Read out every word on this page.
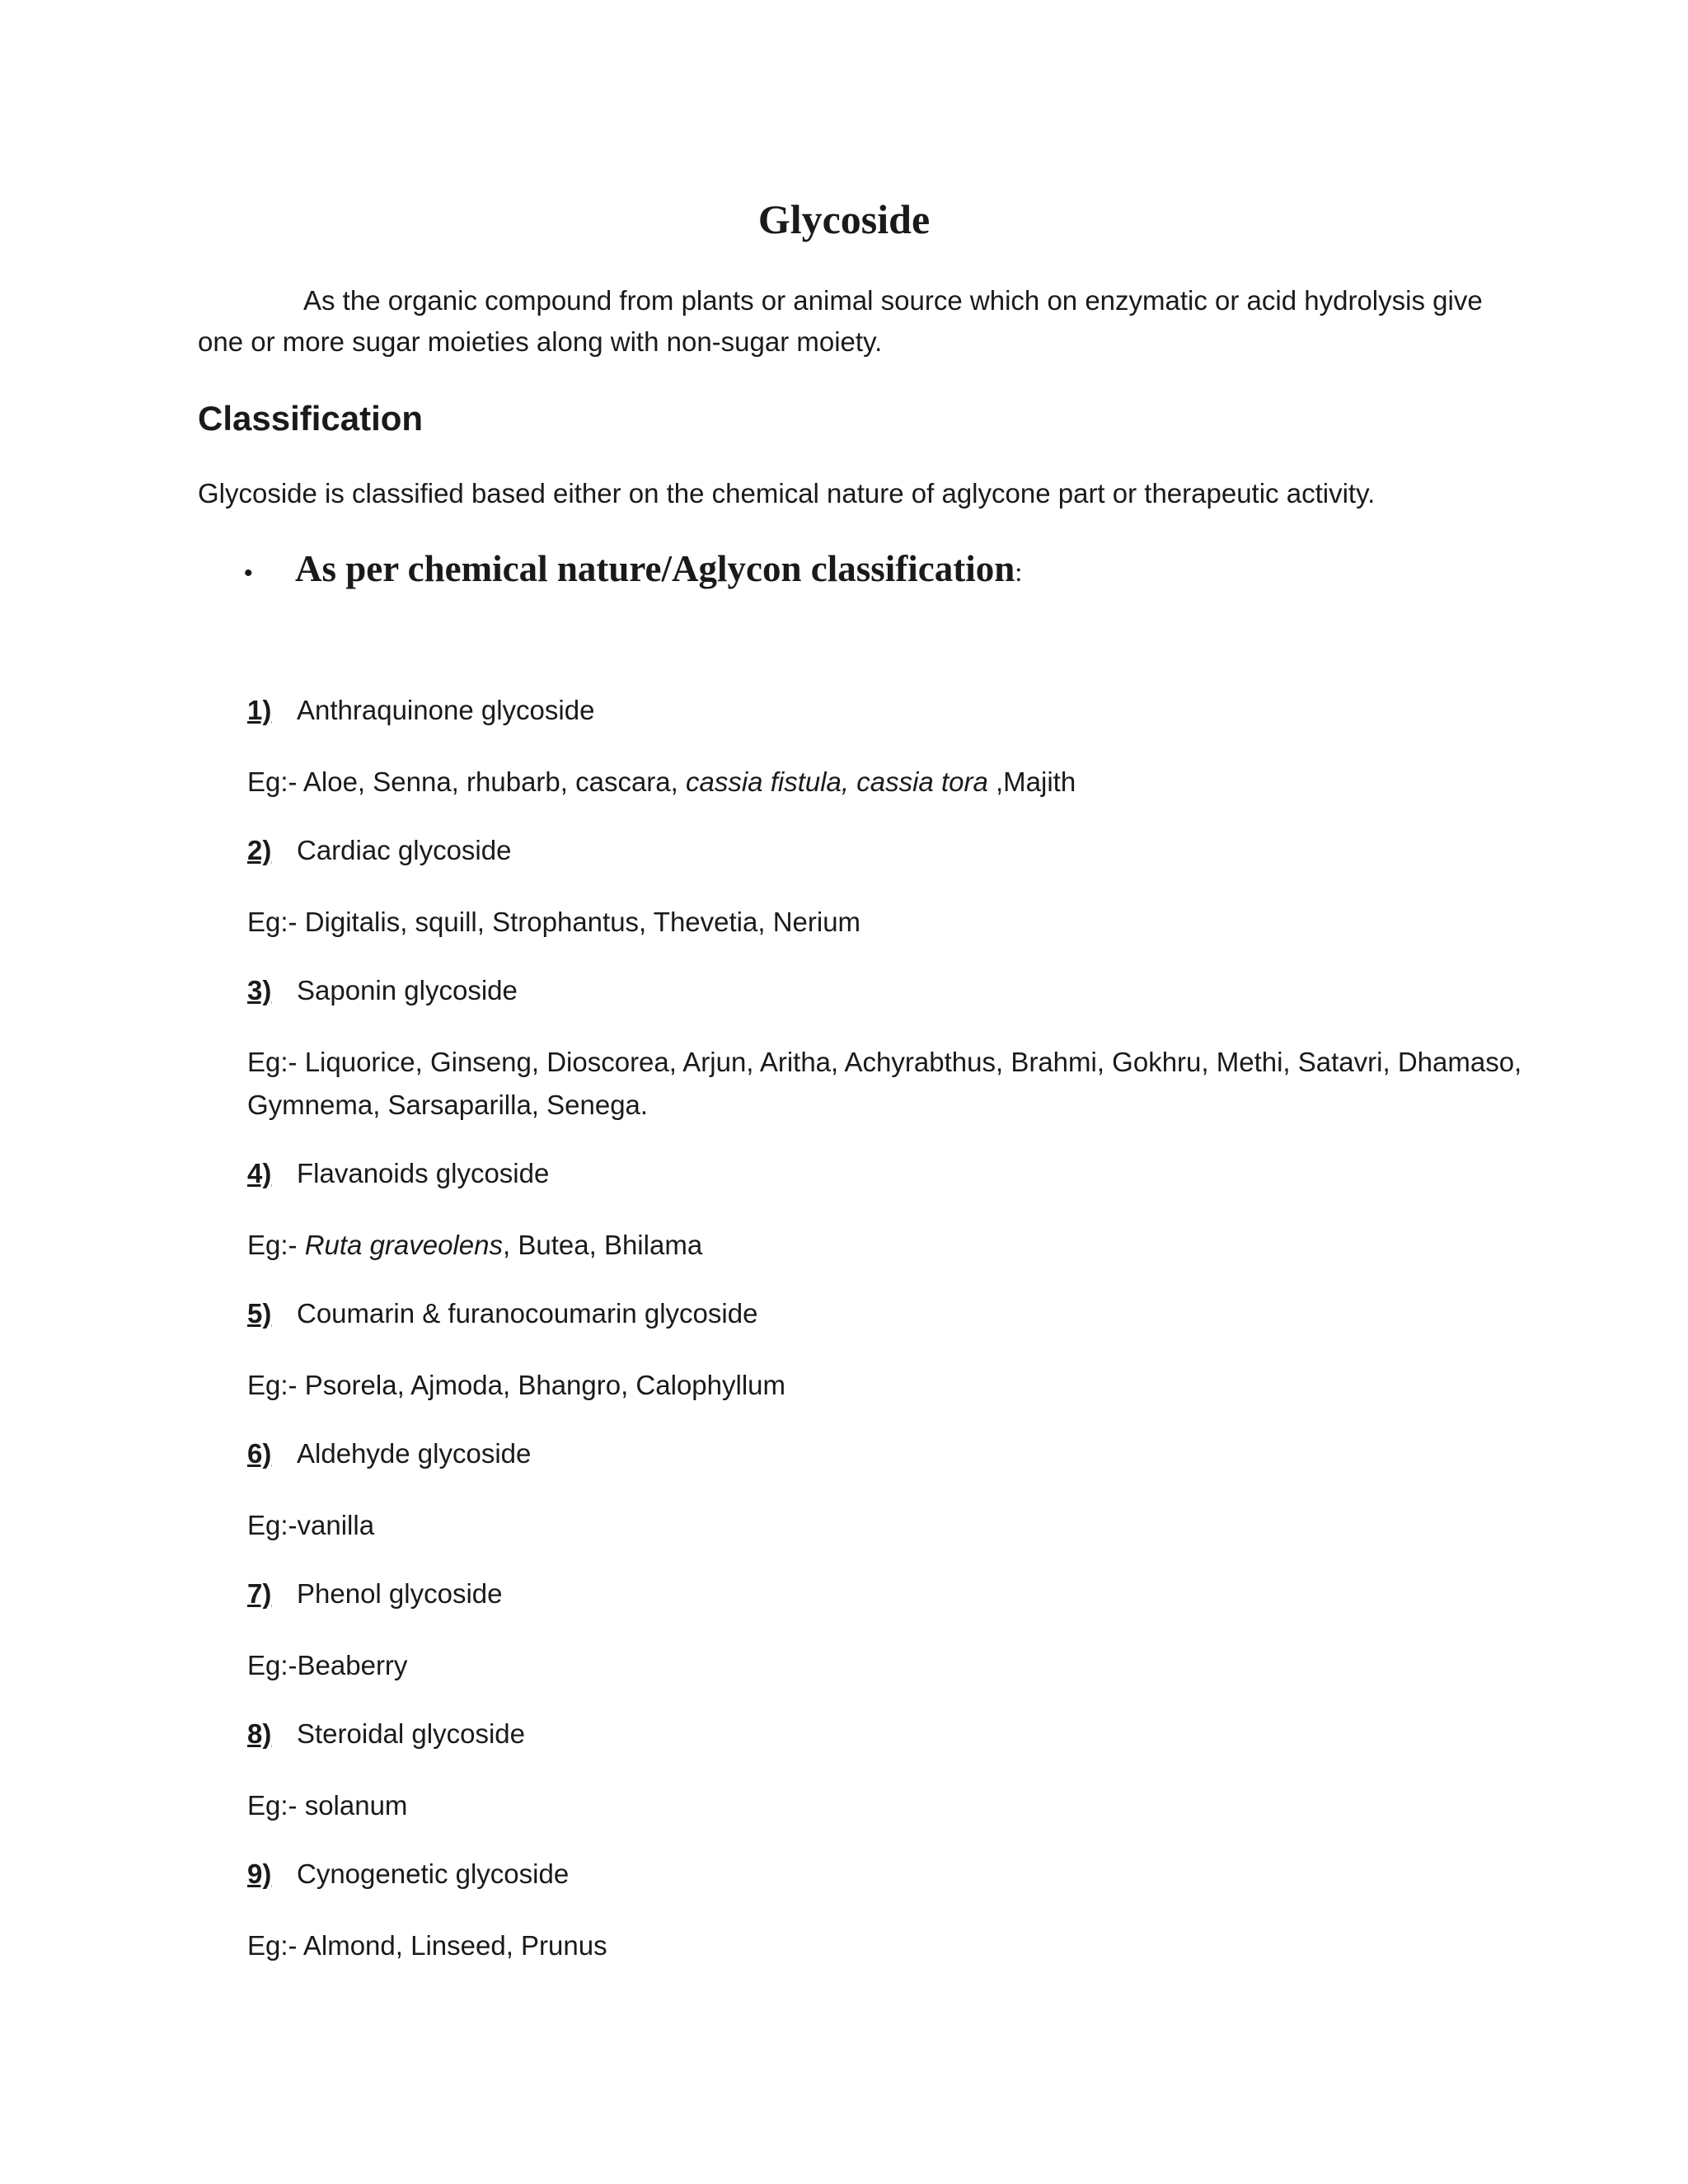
Glycoside

As the organic compound from plants or animal source which on enzymatic or acid hydrolysis give one or more sugar moieties along with non-sugar moiety.

Classification

Glycoside is classified based either on the chemical nature of aglycone part or therapeutic activity.

•	As per chemical nature/Aglycon classification :
1) Anthraquinone glycoside

Eg:- Aloe, Senna, rhubarb, cascara, cassia fistula, cassia tora ,Majith

2) Cardiac glycoside

Eg:- Digitalis, squill, Strophantus, Thevetia, Nerium

3) Saponin glycoside

Eg:- Liquorice, Ginseng, Dioscorea, Arjun, Aritha, Achyrabthus, Brahmi, Gokhru, Methi, Satavri, Dhamaso, Gymnema, Sarsaparilla, Senega.

4) Flavanoids glycoside

Eg:- Ruta graveolens, Butea, Bhilama

5) Coumarin & furanocoumarin glycoside

Eg:- Psorela, Ajmoda, Bhangro, Calophyllum

6) Aldehyde glycoside

Eg:-vanilla

7) Phenol glycoside

Eg:-Beaberry

8) Steroidal glycoside

Eg:- solanum

9) Cynogenetic glycoside

Eg:- Almond, Linseed, Prunus
